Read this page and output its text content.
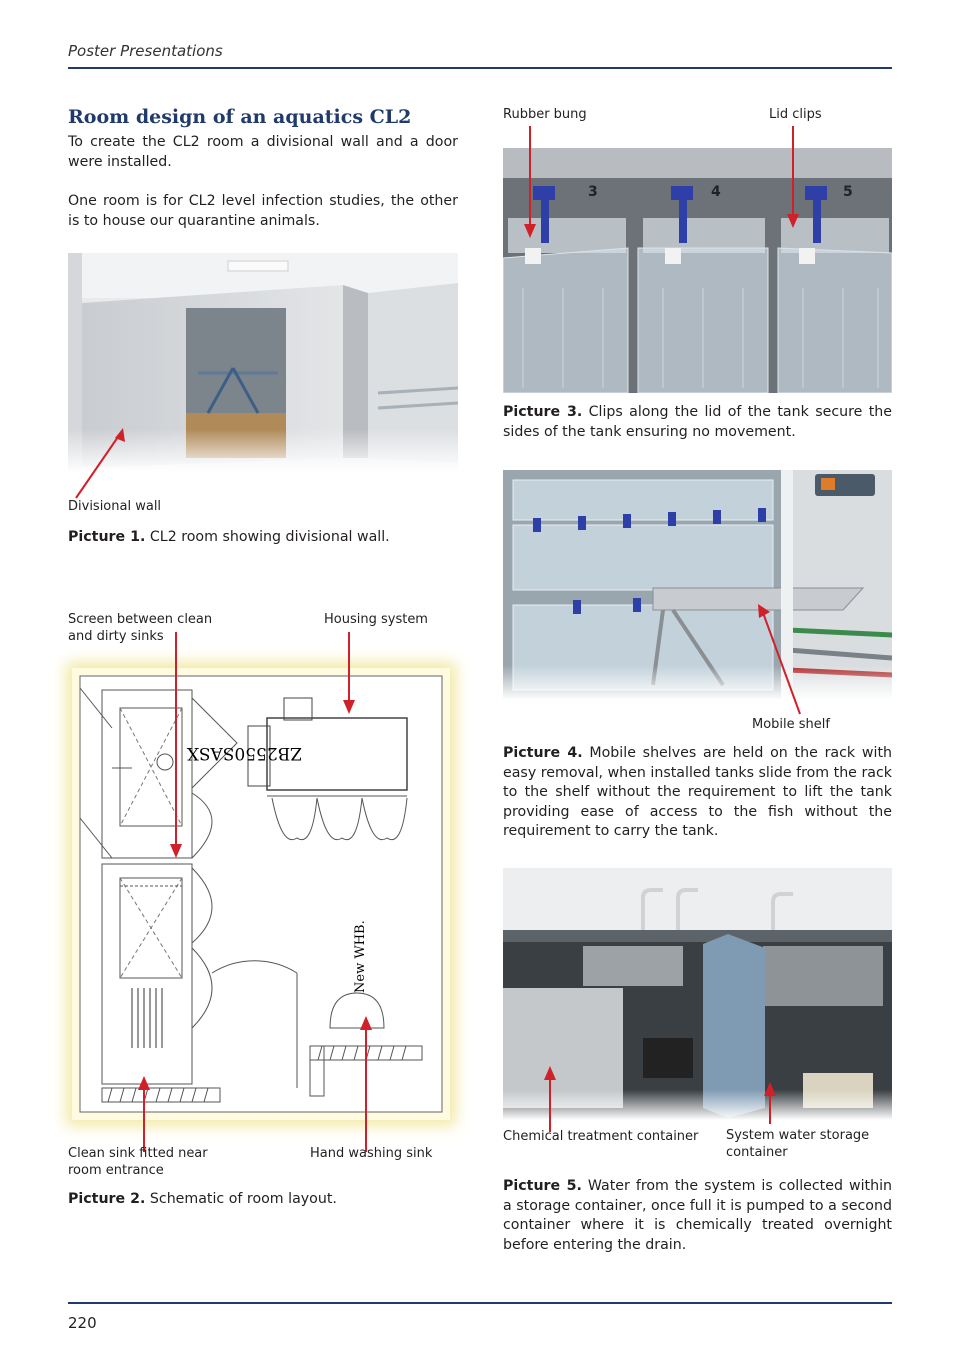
Poster Presentations
Room design of an aquatics CL2
To create the CL2 room a divisional wall and a door were installed.
One room is for CL2 level infection studies, the other is to house our quarantine animals.
Divisional wall
Picture 1. CL2 room showing divisional wall.
Screen between clean and dirty sinks
Housing system
ZB2550SASX
New WHB.
Clean sink fitted near room entrance
Hand washing sink
Picture 2. Schematic of room layout.
Rubber bung	Lid clips
3	4	5
Picture 3. Clips along the lid of the tank secure the sides of the tank ensuring no movement.
Mobile shelf
Picture 4. Mobile shelves are held on the rack with easy removal, when installed tanks slide from the rack to the shelf without the requirement to lift the tank providing ease of access to the fish without the requirement to carry the tank.
Chemical treatment container System water storage container
Picture 5. Water from the system is collected within a storage container, once full it is pumped to a second container where it is chemically treated overnight before entering the drain.
220
